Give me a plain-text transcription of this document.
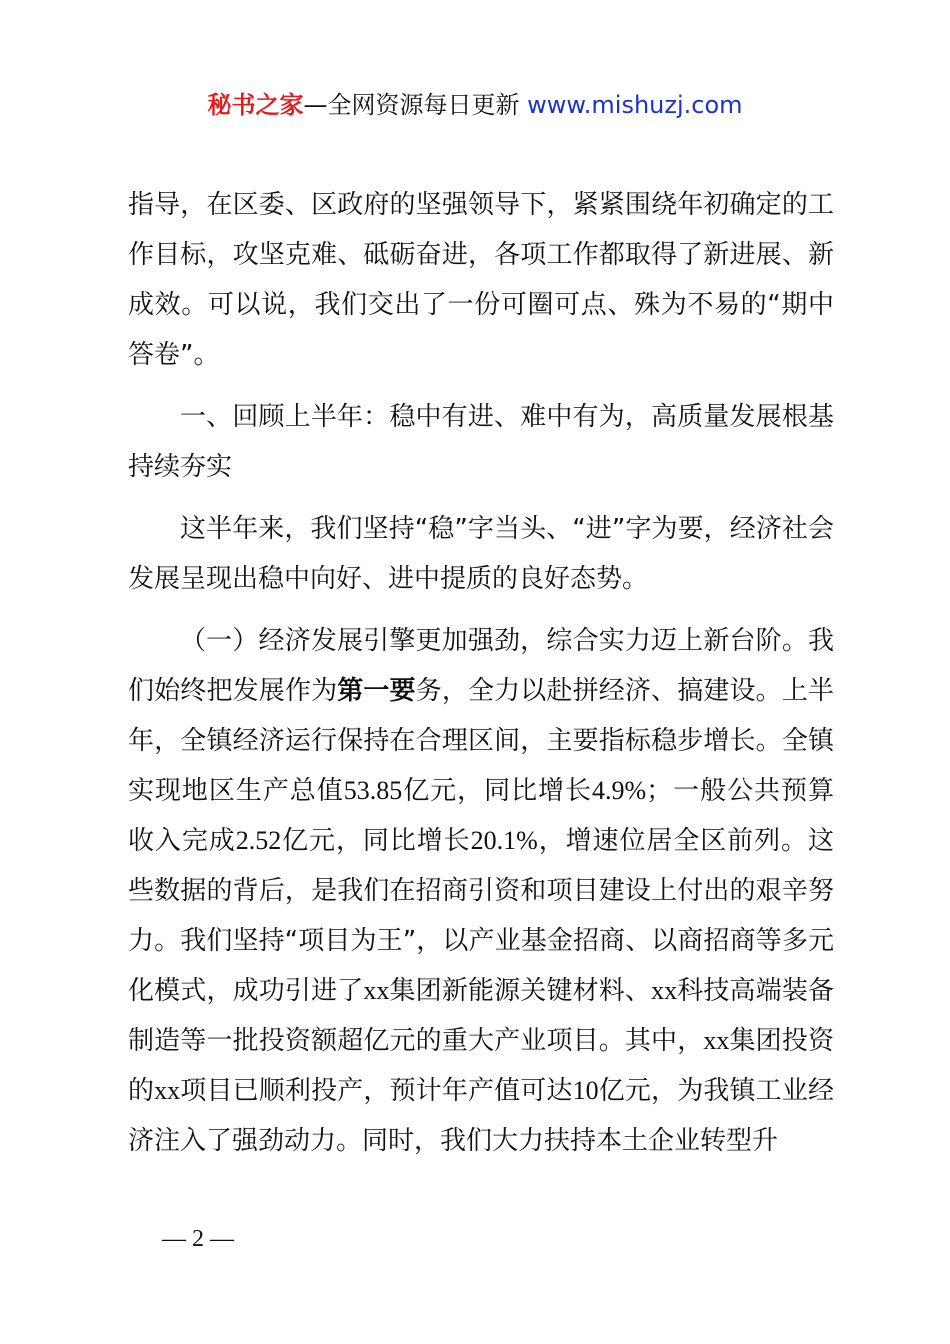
秘书之家—全网资源每日更新 www.mishuzj.com

指导，在区委、区政府的坚强领导下，紧紧围绕年初确定的工作目标，攻坚克难、砥砺奋进，各项工作都取得了新进展、新成效。可以说，我们交出了一份可圈可点、殊为不易的“期中答卷”。

一、回顾上半年：稳中有进、难中有为，高质量发展根基持续夯实

这半年来，我们坚持“稳”字当头、“进”字为要，经济社会发展呈现出稳中向好、进中提质的良好态势。

（一）经济发展引擎更加强劲，综合实力迈上新台阶。我们始终把发展作为第一要务，全力以赴拼经济、搞建设。上半年，全镇经济运行保持在合理区间，主要指标稳步增长。全镇实现地区生产总值53.85亿元，同比增长4.9%；一般公共预算收入完成2.52亿元，同比增长20.1%，增速位居全区前列。这些数据的背后，是我们在招商引资和项目建设上付出的艰辛努力。我们坚持“项目为王”，以产业基金招商、以商招商等多元化模式，成功引进了xx集团新能源关键材料、xx科技高端装备制造等一批投资额超亿元的重大产业项目。其中，xx集团投资的xx项目已顺利投产，预计年产值可达10亿元，为我镇工业经济注入了强劲动力。同时，我们大力扶持本土企业转型升

— 2 —
